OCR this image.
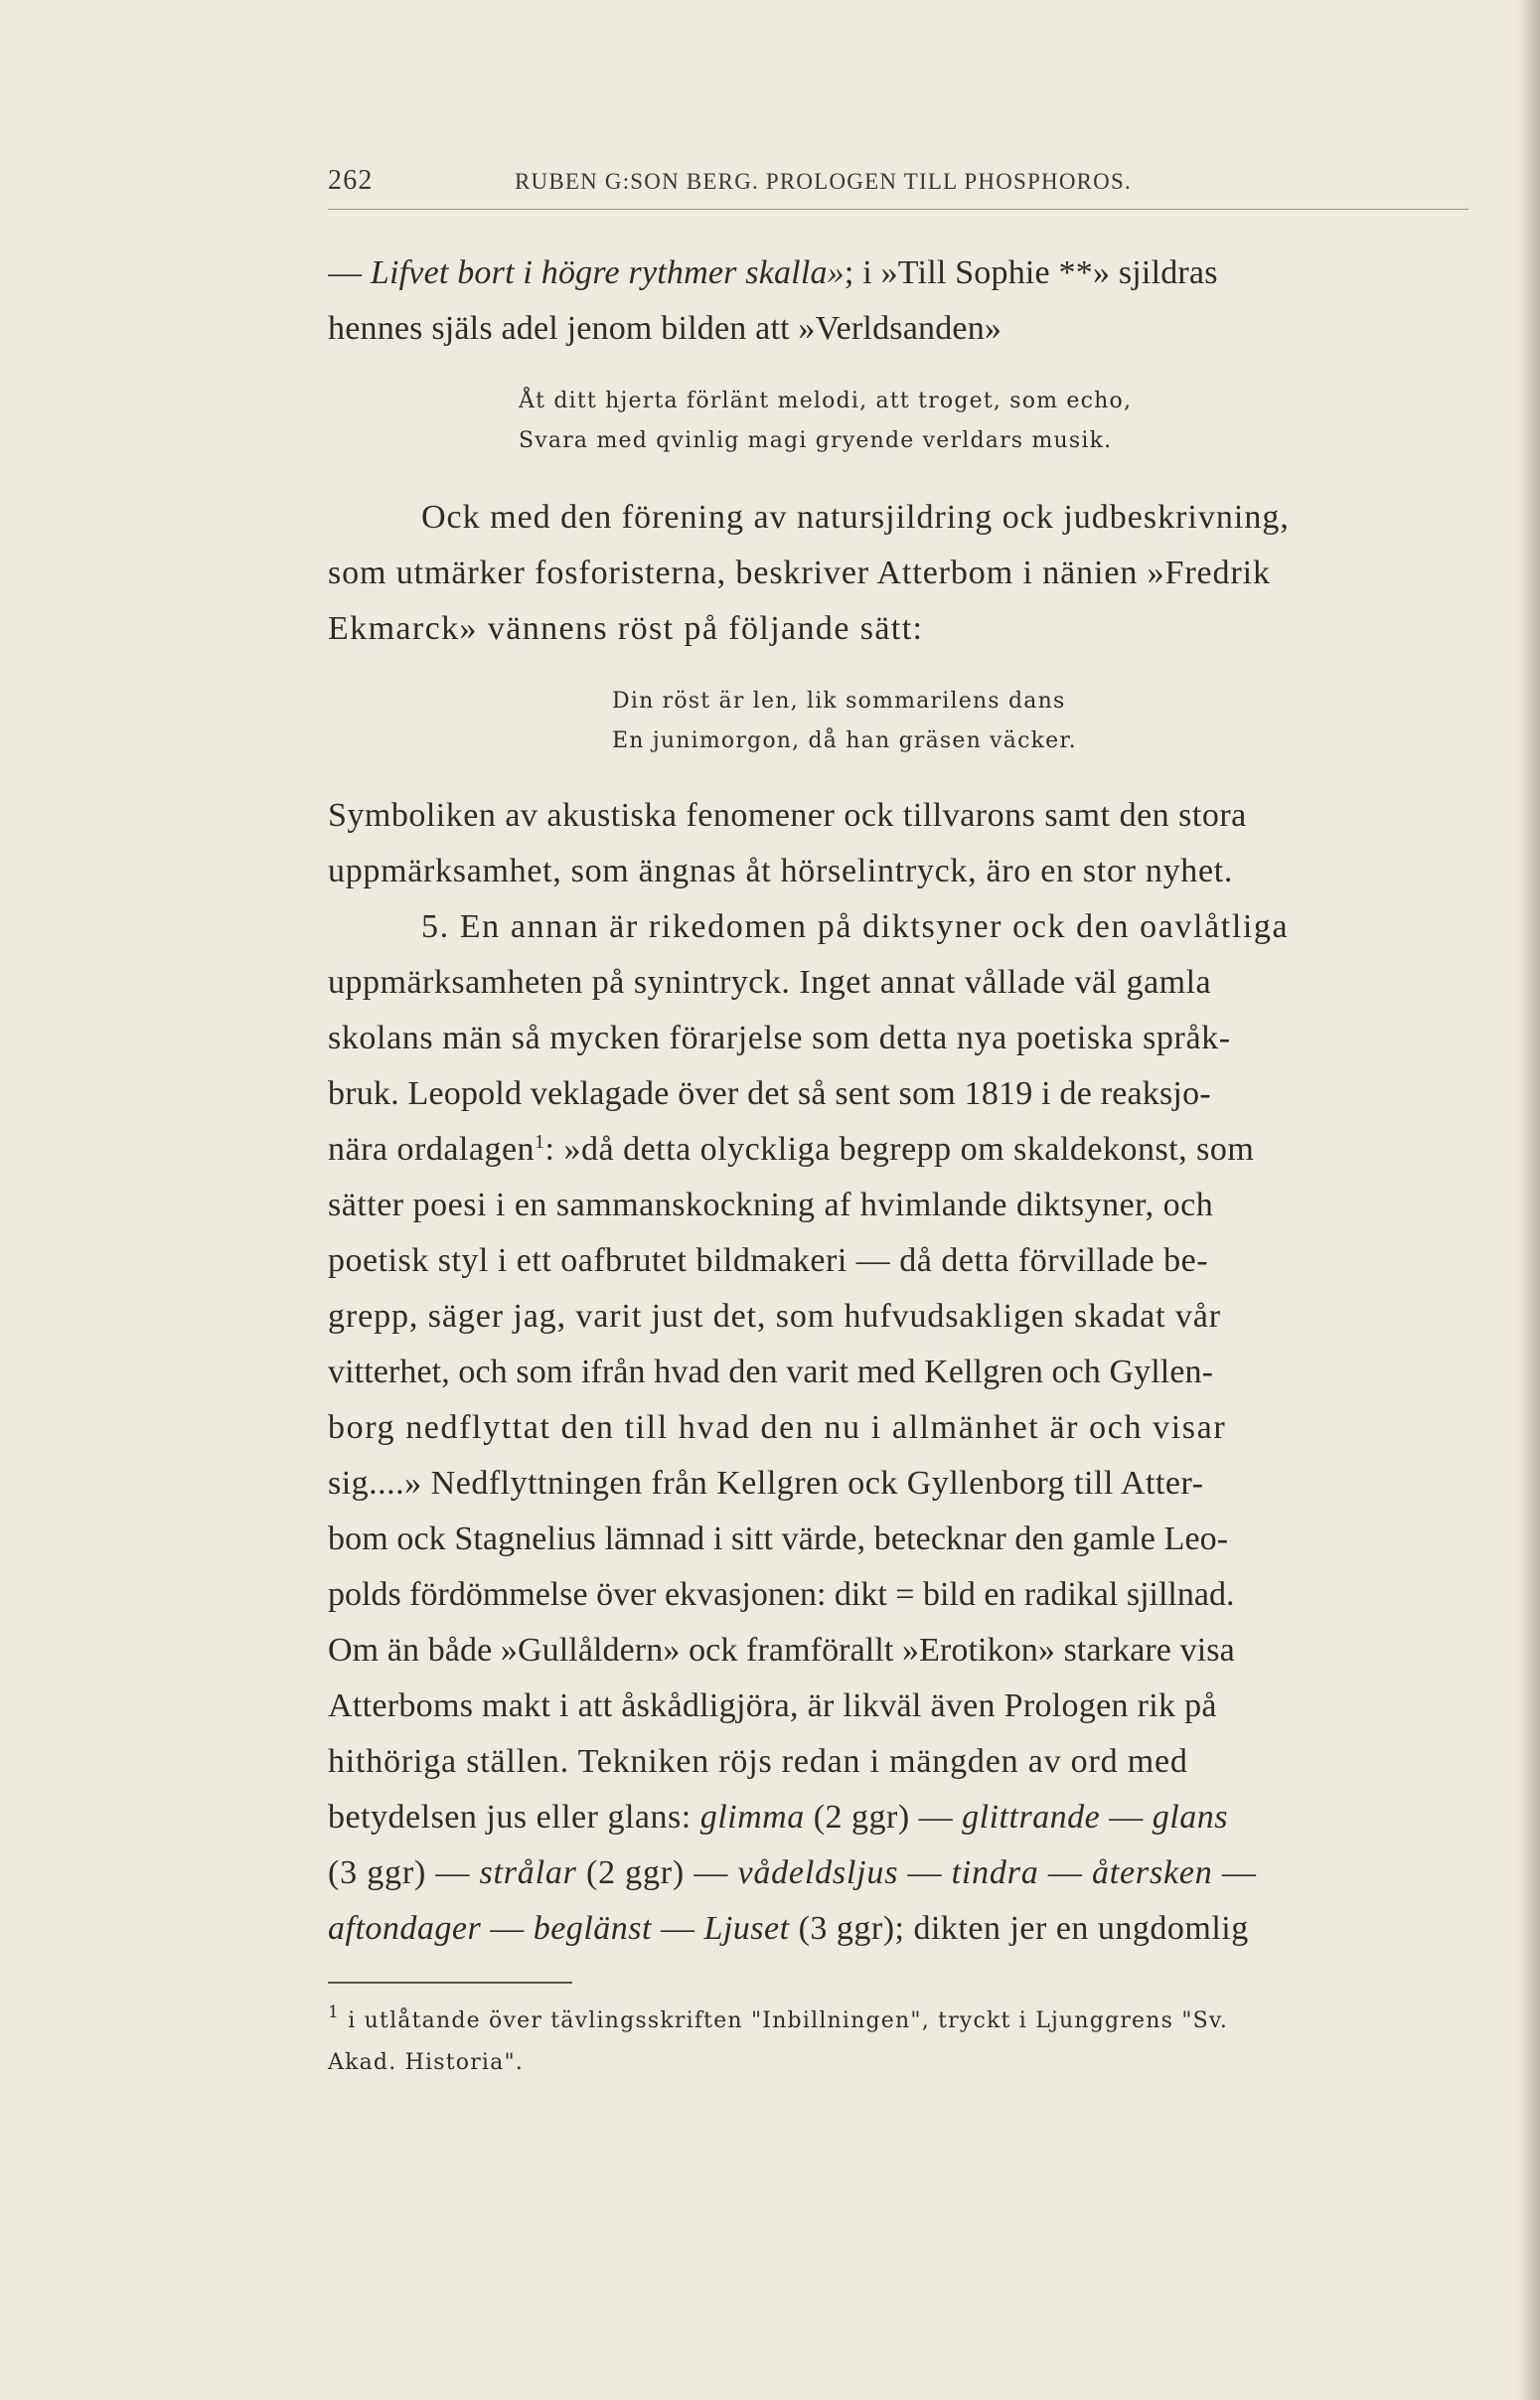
262	RUBEN G:SON BERG. PROLOGEN TILL PHOSPHOROS.
— Lifvet bort i högre rythmer skalla»; i »Till Sophie **» sjildras
hennes själs adel jenom bilden att »Verldsanden»
Åt ditt hjerta förlänt melodi, att troget, som echo,
Svara med qvinlig magi gryende verldars musik.
Ock med den förening av natursjildring ock judbeskrivning,
som utmärker fosforisterna, beskriver Atterbom i nänien »Fredrik
Ekmarck» vännens röst på följande sätt:
Din röst är len, lik sommarilens dans
En junimorgon, då han gräsen väcker.
Symboliken av akustiska fenomener ock tillvarons samt den stora
uppmärksamhet, som ängnas åt hörselintryck, äro en stor nyhet.
5. En annan är rikedomen på diktsyner ock den oavlåtliga
uppmärksamheten på synintryck. Inget annat vållade väl gamla
skolans män så mycken förarjelse som detta nya poetiska språk-
bruk. Leopold veklagade över det så sent som 1819 i de reaksjo-
nära ordalagen$^1$: »då detta olyckliga begrepp om skaldekonst, som
sätter poesi i en sammanskockning af hvimlande diktsyner, och
poetisk styl i ett oafbrutet bildmakeri — då detta förvillade be-
grepp, säger jag, varit just det, som hufvudsakligen skadat vår
vitterhet, och som ifrån hvad den varit med Kellgren och Gyllen-
borg nedflyttat den till hvad den nu i allmänhet är och visar
sig....» Nedflyttningen från Kellgren ock Gyllenborg till Atter-
bom ock Stagnelius lämnad i sitt värde, betecknar den gamle Leo-
polds fördömmelse över ekvasjonen: dikt = bild en radikal sjillnad.
Om än både »Gullåldern» ock framförallt »Erotikon» starkare visa
Atterboms makt i att åskådligjöra, är likväl även Prologen rik på
hithöriga ställen. Tekniken röjs redan i mängden av ord med
betydelsen jus eller glans: glimma (2 ggr) — glittrande — glans
(3 ggr) — strålar (2 ggr) — vådeldsljus — tindra — återsken —
aftondager — beglänst — Ljuset (3 ggr); dikten jer en ungdomlig
$^1$ i utlåtande över tävlingsskriften "Inbillningen", tryckt i Ljunggrens "Sv.
Akad. Historia".
